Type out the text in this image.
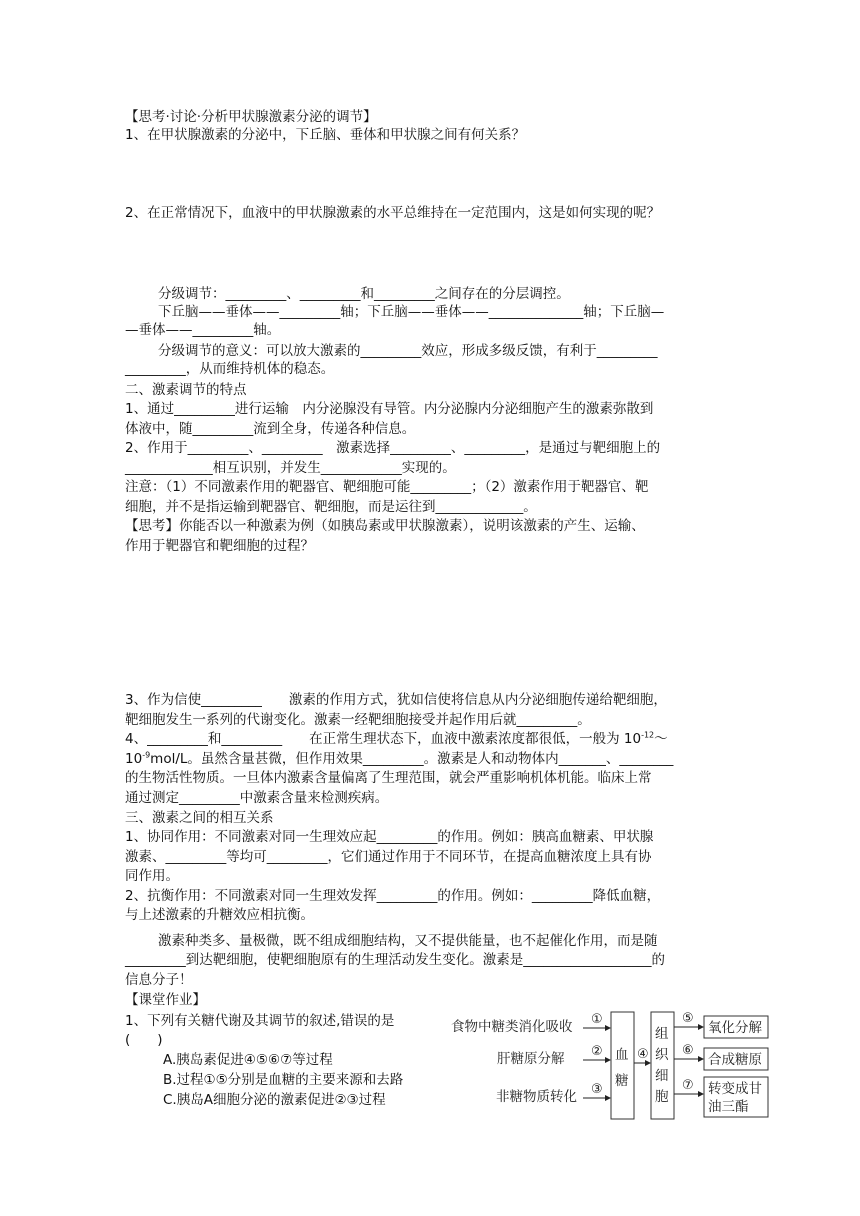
【思考·讨论·分析甲状腺激素分泌的调节】
1、在甲状腺激素的分泌中，下丘脑、垂体和甲状腺之间有何关系？
2、在正常情况下，血液中的甲状腺激素的水平总维持在一定范围内，这是如何实现的呢？
分级调节：_________、_________和_________之间存在的分层调控。
下丘脑——垂体——_________轴；下丘脑——垂体——______________轴；下丘脑—
—垂体——_________轴。
分级调节的意义：可以放大激素的_________效应，形成多级反馈，有利于_________
_________，从而维持机体的稳态。
二、激素调节的特点
1、通过_________进行运输　内分泌腺没有导管。内分泌腺内分泌细胞产生的激素弥散到
体液中，随_________流到全身，传递各种信息。
2、作用于_________、_________　激素选择_________、_________，是通过与靶细胞上的
_____________相互识别，并发生____________实现的。
注意：（1）不同激素作用的靶器官、靶细胞可能_________；（2）激素作用于靶器官、靶
细胞，并不是指运输到靶器官、靶细胞，而是运往到_____________。
【思考】你能否以一种激素为例（如胰岛素或甲状腺激素），说明该激素的产生、运输、
作用于靶器官和靶细胞的过程？
3、作为信使_________　　激素的作用方式，犹如信使将信息从内分泌细胞传递给靶细胞，
靶细胞发生一系列的代谢变化。激素一经靶细胞接受并起作用后就_________。
4、_________和_________　　在正常生理状态下，血液中激素浓度都很低，一般为 $10^{-12}\sim$
$10^{-9}mol/L$。虽然含量甚微，但作用效果_________。激素是人和动物体内_______、________
的生物活性物质。一旦体内激素含量偏离了生理范围，就会严重影响机体机能。临床上常
通过测定_________中激素含量来检测疾病。
三、激素之间的相互关系
1、协同作用：不同激素对同一生理效应起_________的作用。例如：胰高血糖素、甲状腺
激素、_________等均可_________，它们通过作用于不同环节，在提高血糖浓度上具有协
同作用。
2、抗衡作用：不同激素对同一生理效发挥_________的作用。例如：_________降低血糖，
与上述激素的升糖效应相抗衡。
激素种类多、量极微，既不组成细胞结构，又不提供能量，也不起催化作用，而是随
_________到达靶细胞，使靶细胞原有的生理活动发生变化。激素是___________________的
信息分子！
【课堂作业】
1、下列有关糖代谢及其调节的叙述,错误的是
(　　)
A.胰岛素促进④⑤⑥⑦等过程
B.过程①⑤分别是血糖的主要来源和去路
C.胰岛A细胞分泌的激素促进②③过程
食物中糖类消化吸收
肝糖原分解
非糖物质转化
①
②
③
血
糖
④
组
织
细
胞
⑤
⑥
⑦
氧化分解
合成糖原
转变成甘
油三酯
